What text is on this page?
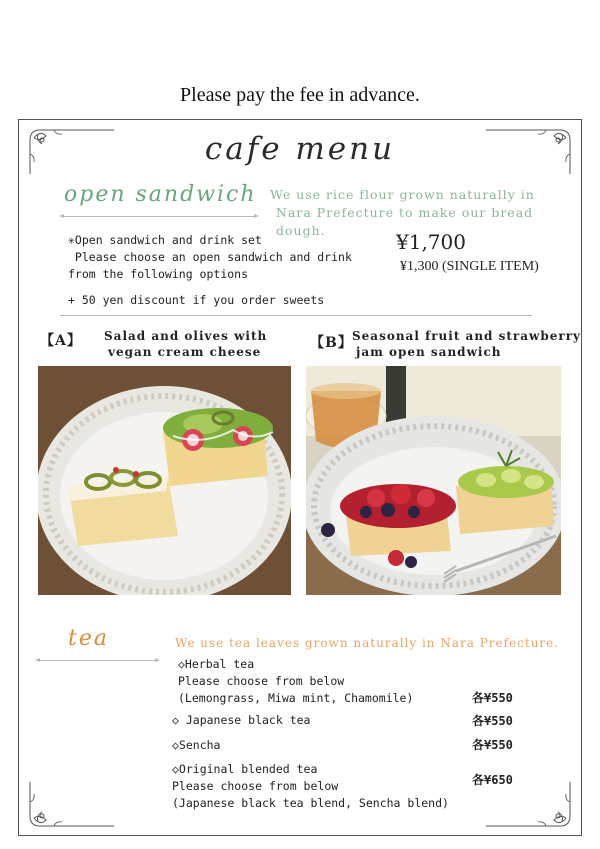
Please pay the fee in advance.
cafe menu
open sandwich We use rice flour grown naturally in
Nara Prefecture to make our bread dough.
✳Open sandwich and drink set
Please choose an open sandwich and drink
from the following options
+ 50 yen discount if you order sweets
¥1,700
¥1,300 (SINGLE ITEM)
【A】 Salad and olives with
vegan cream cheese
【B】 Seasonal fruit and strawberry
jam open sandwich
tea	We use tea leaves grown naturally in Nara Prefecture.
◇Herbal tea
Please choose from below
(Lemongrass, Miwa mint, Chamomile)	各¥550
◇ Japanese black tea	各¥550
◇Sencha	各¥550
◇Original blended tea
Please choose from below
(Japanese black tea blend, Sencha blend)
各¥650
